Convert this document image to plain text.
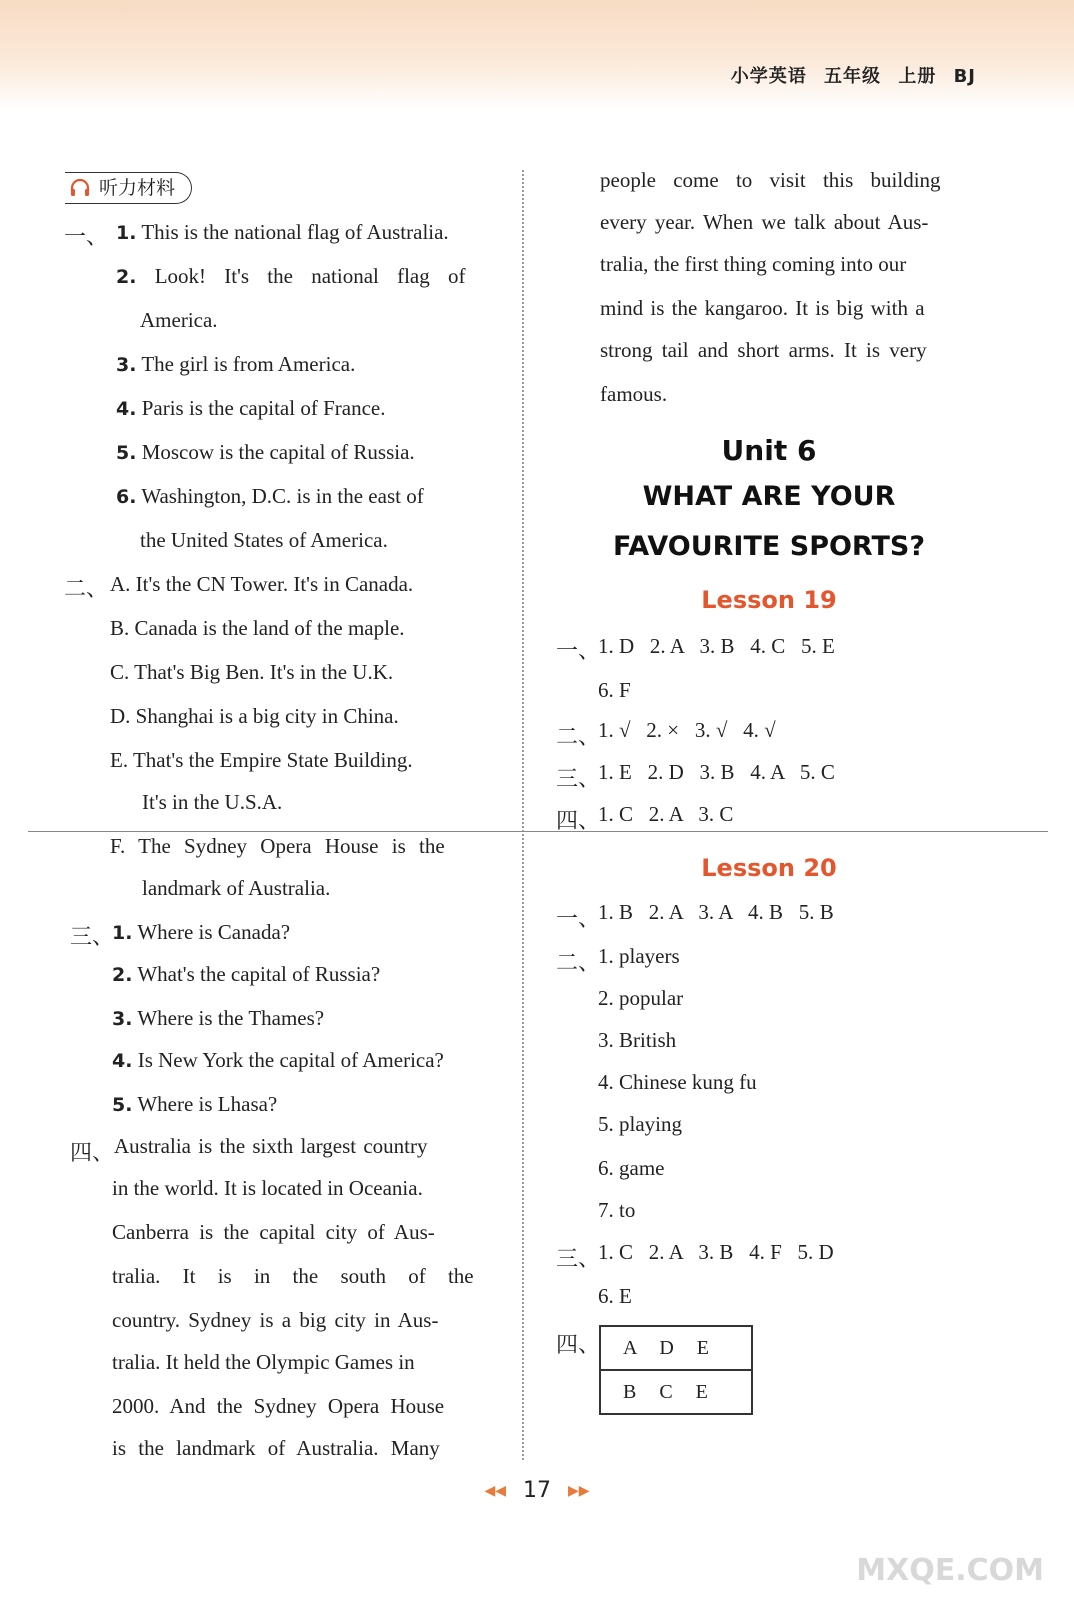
小学英语 五年级 上册 BJ
听力材料
一、 1. This is the national flag of Australia.
2. Look! It's the national flag of
America.
3. The girl is from America.
4. Paris is the capital of France.
5. Moscow is the capital of Russia.
6. Washington, D.C. is in the east of
the United States of America.
二、 A. It's the CN Tower. It's in Canada.
B. Canada is the land of the maple.
C. That's Big Ben. It's in the U.K.
D. Shanghai is a big city in China.
E. That's the Empire State Building.
It's in the U.S.A.
F. The Sydney Opera House is the
landmark of Australia.
三、
1. Where is Canada?
2. What's the capital of Russia?
3. Where is the Thames?
4. Is New York the capital of America?
5. Where is Lhasa?
四、 Australia is the sixth largest country
in the world. It is located in Oceania.
Canberra is the capital city of Aus-
tralia. It is in the south of the
country. Sydney is a big city in Aus-
tralia. It held the Olympic Games in
2000. And the Sydney Opera House
is the landmark of Australia. Many
people come to visit this building
every year. When we talk about Aus-
tralia, the first thing coming into our
mind is the kangaroo. It is big with a
strong tail and short arms. It is very
famous.
Unit 6
WHAT ARE YOUR
FAVOURITE SPORTS?
Lesson 19
一、
1. D   2. A   3. B   4. C   5. E
6. F
二、
1. √   2. ×   3. √   4. √
三、
1. E   2. D   3. B   4. A   5. C
四、
1. C   2. A   3. C
Lesson 20
一、
1. B   2. A   3. A   4. B   5. B
二、
1. players
2. popular
3. British
4. Chinese kung fu
5. playing
6. game
7. to
三、
1. C   2. A   3. B   4. F   5. D
6. E
四、	A D E
B C E
◀◀ 17 ▶▶
MXQE.COM
